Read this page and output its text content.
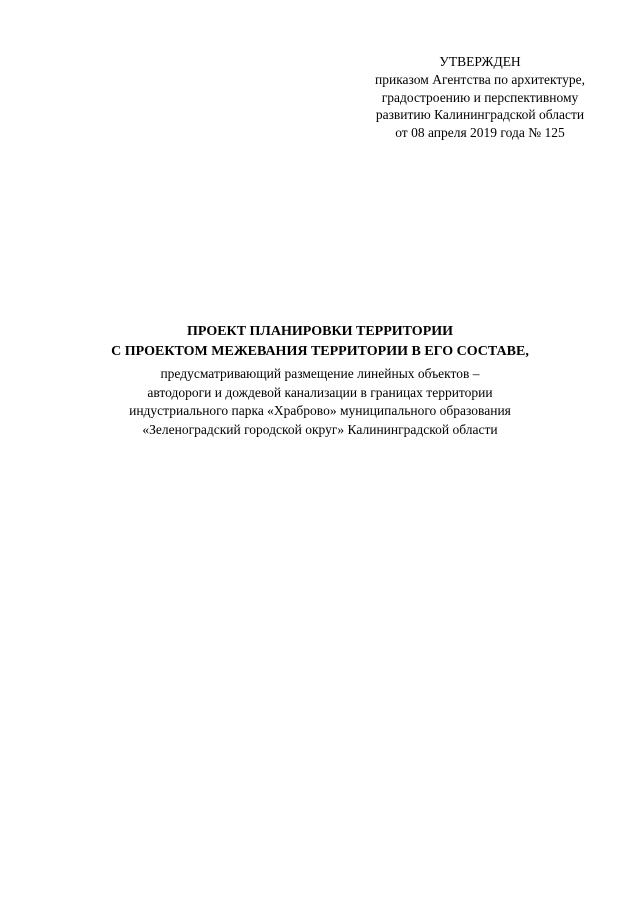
УТВЕРЖДЕН
приказом Агентства по архитектуре,
градостроению и перспективному
развитию Калининградской области
от 08 апреля 2019 года № 125
ПРОЕКТ ПЛАНИРОВКИ ТЕРРИТОРИИ
С ПРОЕКТОМ МЕЖЕВАНИЯ ТЕРРИТОРИИ В ЕГО СОСТАВЕ,
предусматривающий размещение линейных объектов –
автодороги и дождевой канализации в границах территории
индустриального парка «Храброво» муниципального образования
«Зеленоградский городской округ» Калининградской области
